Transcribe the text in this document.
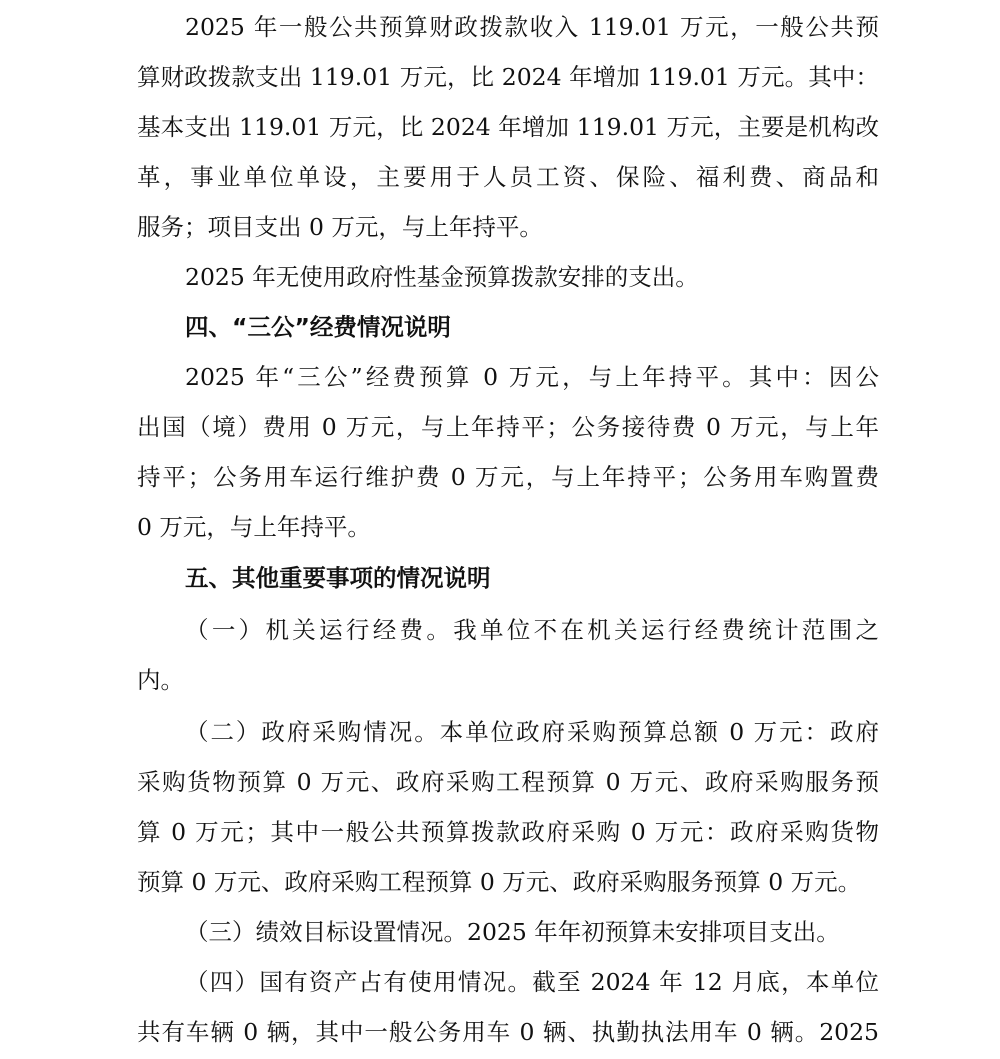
2025 年一般公共预算财政拨款收入 119.01 万元，一般公共预
算财政拨款支出 119.01 万元，比 2024 年增加 119.01 万元。其中：
基本支出 119.01 万元，比 2024 年增加 119.01 万元，主要是机构改
革，事业单位单设，主要用于人员工资、保险、福利费、商品和
服务；项目支出 0 万元，与上年持平。
2025 年无使用政府性基金预算拨款安排的支出。
四、“三公”经费情况说明
2025 年“三公”经费预算 0 万元，与上年持平。其中：因公
出国（境）费用 0 万元，与上年持平；公务接待费 0 万元，与上年
持平；公务用车运行维护费 0 万元，与上年持平；公务用车购置费
0 万元，与上年持平。
五、其他重要事项的情况说明
（一）机关运行经费。我单位不在机关运行经费统计范围之
内。
（二）政府采购情况。本单位政府采购预算总额 0 万元：政府
采购货物预算 0 万元、政府采购工程预算 0 万元、政府采购服务预
算 0 万元；其中一般公共预算拨款政府采购 0 万元：政府采购货物
预算 0 万元、政府采购工程预算 0 万元、政府采购服务预算 0 万元。
（三）绩效目标设置情况。2025 年年初预算未安排项目支出。
（四）国有资产占有使用情况。截至 2024 年 12 月底，本单位
共有车辆 0 辆，其中一般公务用车 0 辆、执勤执法用车 0 辆。2025
